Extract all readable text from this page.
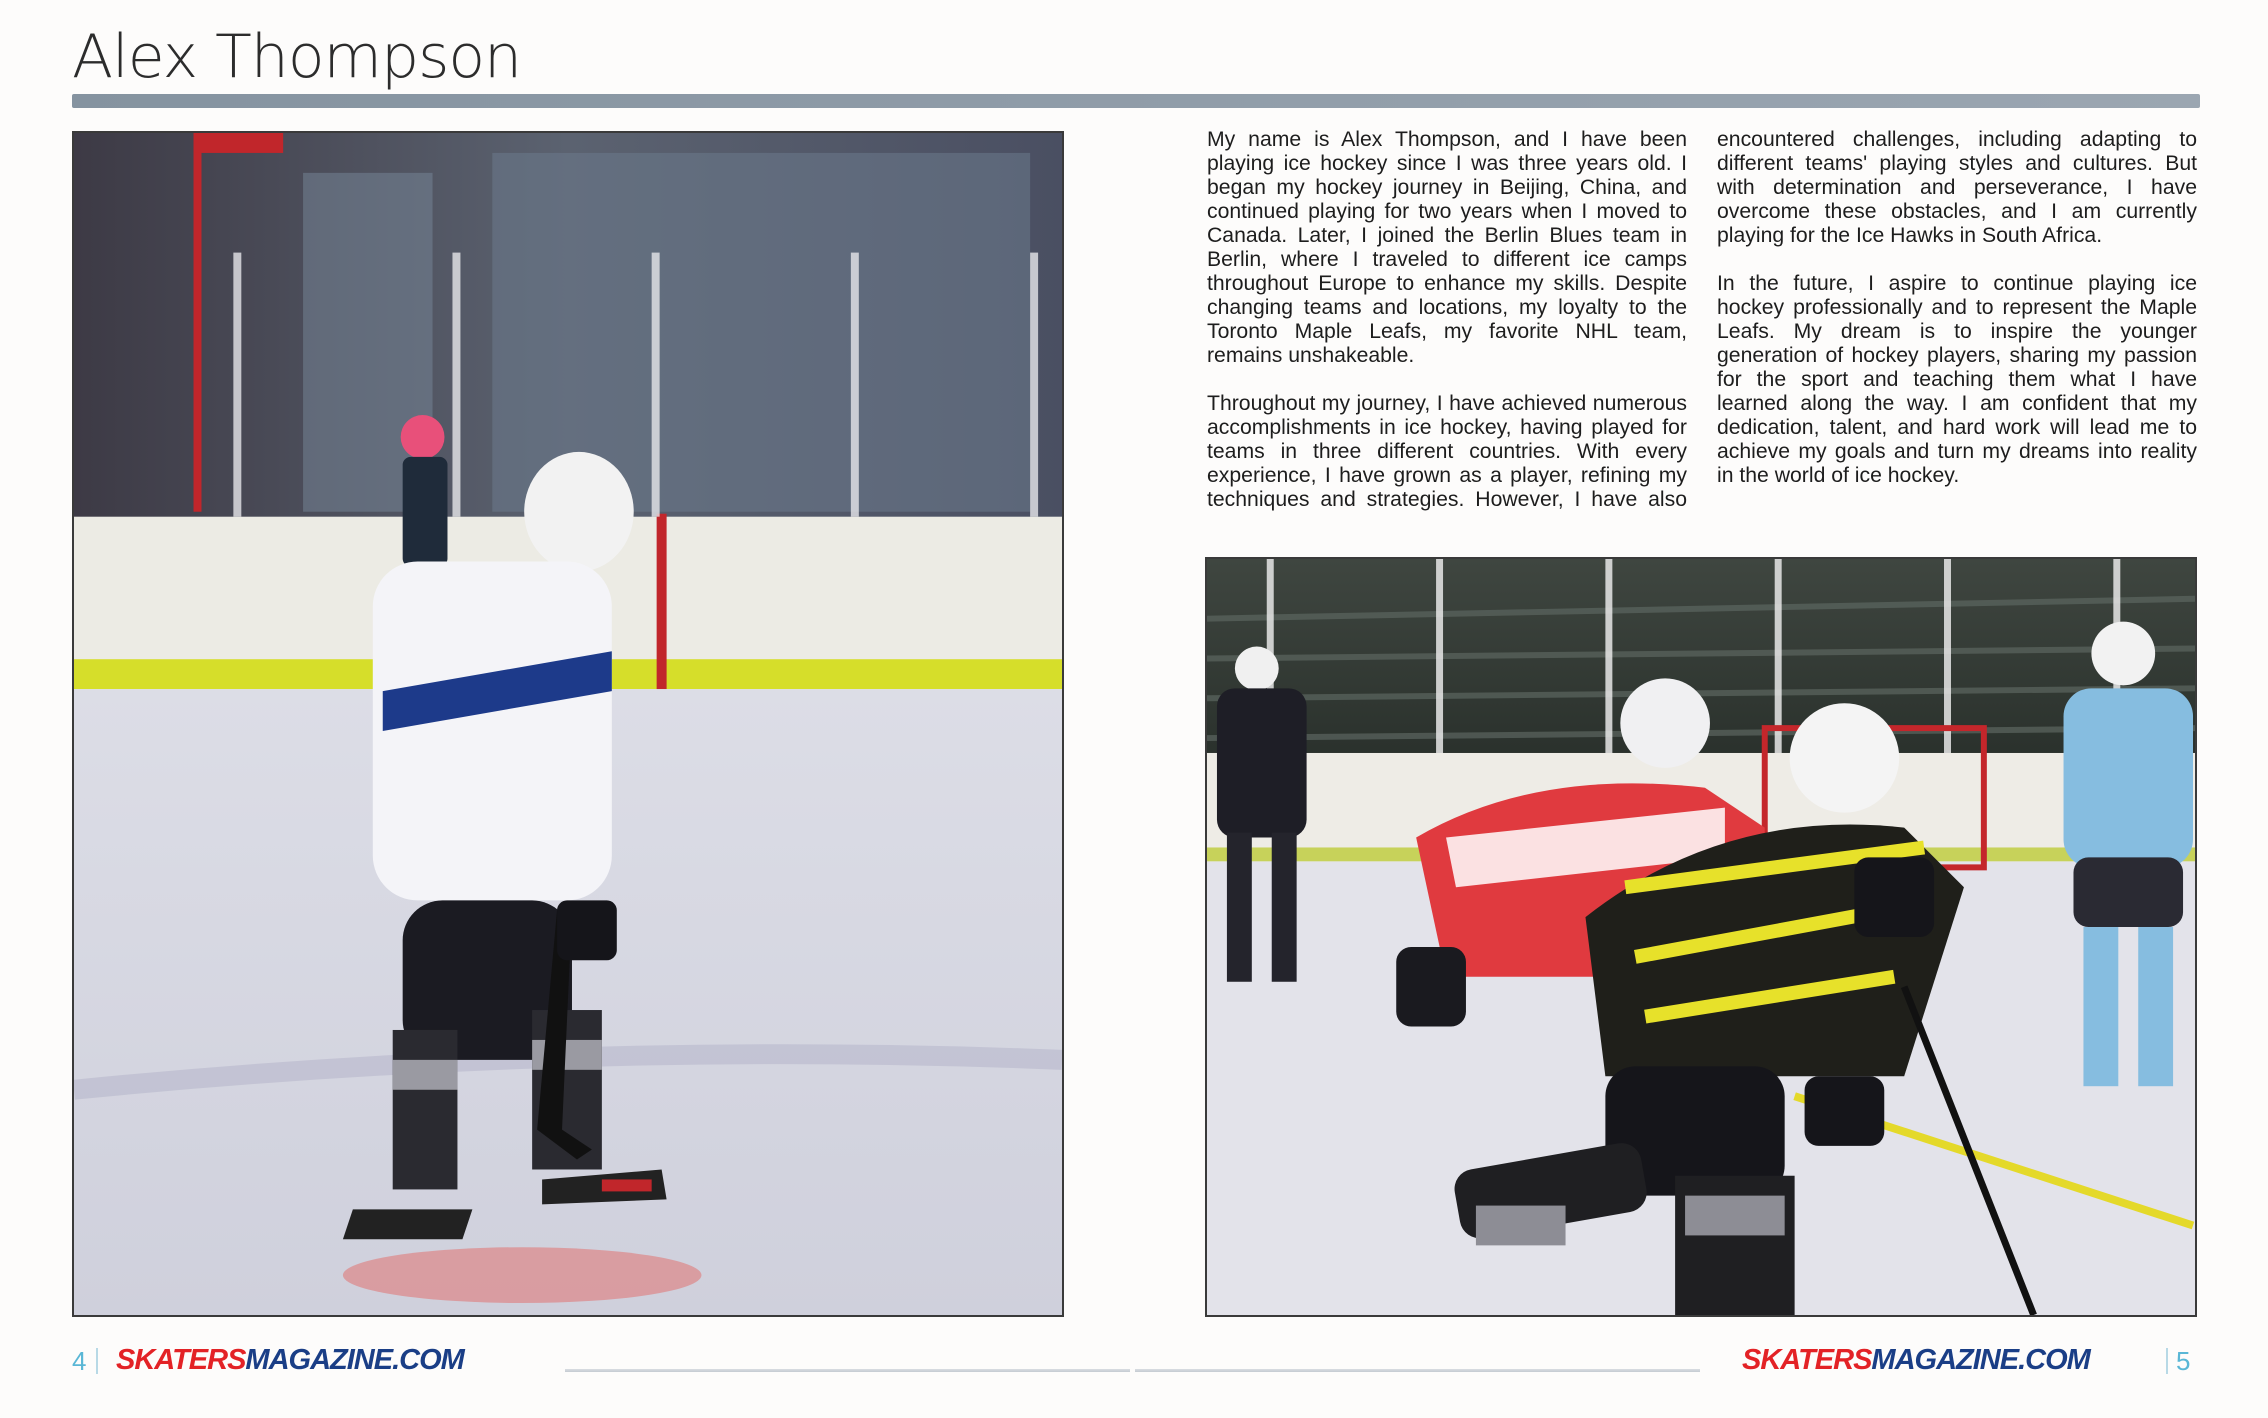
Alex Thompson

My name is Alex Thompson, and I have been playing ice hockey since I was three years old. I began my hockey journey in Beijing, China, and continued playing for two years when I moved to Canada. Later, I joined the Berlin Blues team in Berlin, where I traveled to different ice camps throughout Europe to enhance my skills. Despite changing teams and locations, my loyalty to the Toronto Maple Leafs, my favorite NHL team, remains unshakeable.

Throughout my journey, I have achieved numerous accomplishments in ice hockey, having played for teams in three different countries. With every experience, I have grown as a player, refining my techniques and strategies. However, I have also encountered challenges, including adapting to different teams' playing styles and cultures. But with determination and perseverance, I have overcome these obstacles, and I am currently playing for the Ice Hawks in South Africa.

In the future, I aspire to continue playing ice hockey professionally and to represent the Maple Leafs. My dream is to inspire the younger generation of hockey players, sharing my passion for the sport and teaching them what I have learned along the way. I am confident that my dedication, talent, and hard work will lead me to achieve my goals and turn my dreams into reality in the world of ice hockey.

4 SKATERSMAGAZINE.COM	SKATERSMAGAZINE.COM	5
